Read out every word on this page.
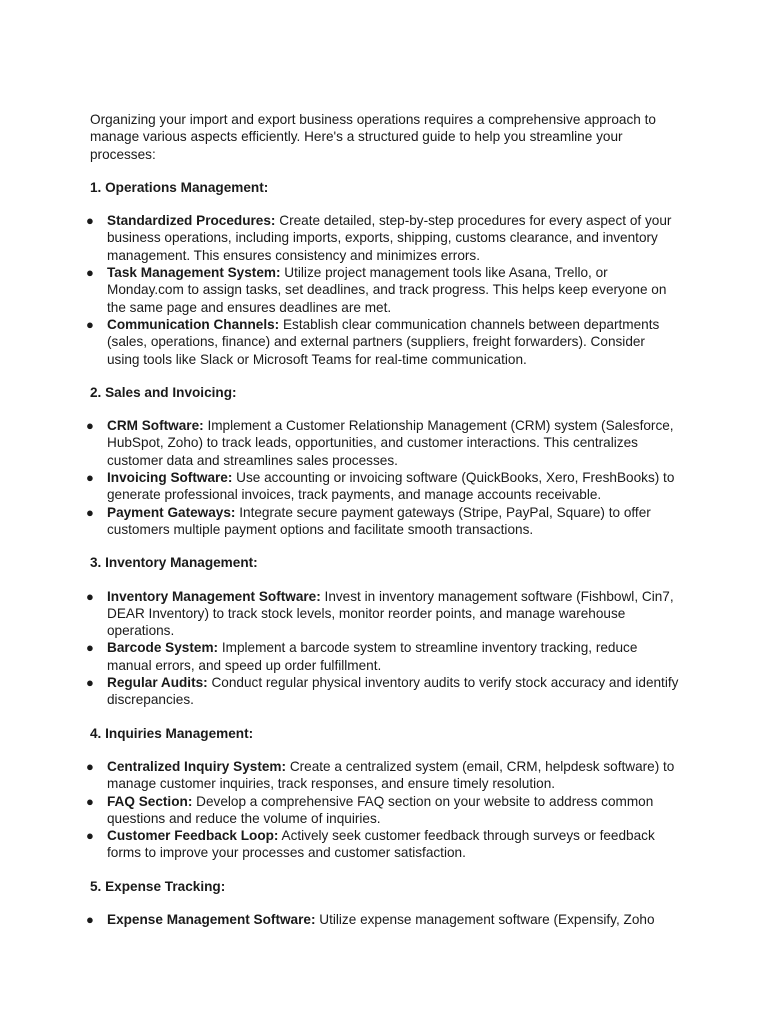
Organizing your import and export business operations requires a comprehensive approach to manage various aspects efficiently. Here's a structured guide to help you streamline your processes:

1. Operations Management:

● Standardized Procedures: Create detailed, step-by-step procedures for every aspect of your business operations, including imports, exports, shipping, customs clearance, and inventory management. This ensures consistency and minimizes errors.
● Task Management System: Utilize project management tools like Asana, Trello, or Monday.com to assign tasks, set deadlines, and track progress. This helps keep everyone on the same page and ensures deadlines are met.
● Communication Channels: Establish clear communication channels between departments (sales, operations, finance) and external partners (suppliers, freight forwarders). Consider using tools like Slack or Microsoft Teams for real-time communication.

2. Sales and Invoicing:

● CRM Software: Implement a Customer Relationship Management (CRM) system (Salesforce, HubSpot, Zoho) to track leads, opportunities, and customer interactions. This centralizes customer data and streamlines sales processes.
● Invoicing Software: Use accounting or invoicing software (QuickBooks, Xero, FreshBooks) to generate professional invoices, track payments, and manage accounts receivable.
● Payment Gateways: Integrate secure payment gateways (Stripe, PayPal, Square) to offer customers multiple payment options and facilitate smooth transactions.

3. Inventory Management:

● Inventory Management Software: Invest in inventory management software (Fishbowl, Cin7, DEAR Inventory) to track stock levels, monitor reorder points, and manage warehouse operations.
● Barcode System: Implement a barcode system to streamline inventory tracking, reduce manual errors, and speed up order fulfillment.
● Regular Audits: Conduct regular physical inventory audits to verify stock accuracy and identify discrepancies.

4. Inquiries Management:

● Centralized Inquiry System: Create a centralized system (email, CRM, helpdesk software) to manage customer inquiries, track responses, and ensure timely resolution.
● FAQ Section: Develop a comprehensive FAQ section on your website to address common questions and reduce the volume of inquiries.
● Customer Feedback Loop: Actively seek customer feedback through surveys or feedback forms to improve your processes and customer satisfaction.

5. Expense Tracking:

● Expense Management Software: Utilize expense management software (Expensify, Zoho
